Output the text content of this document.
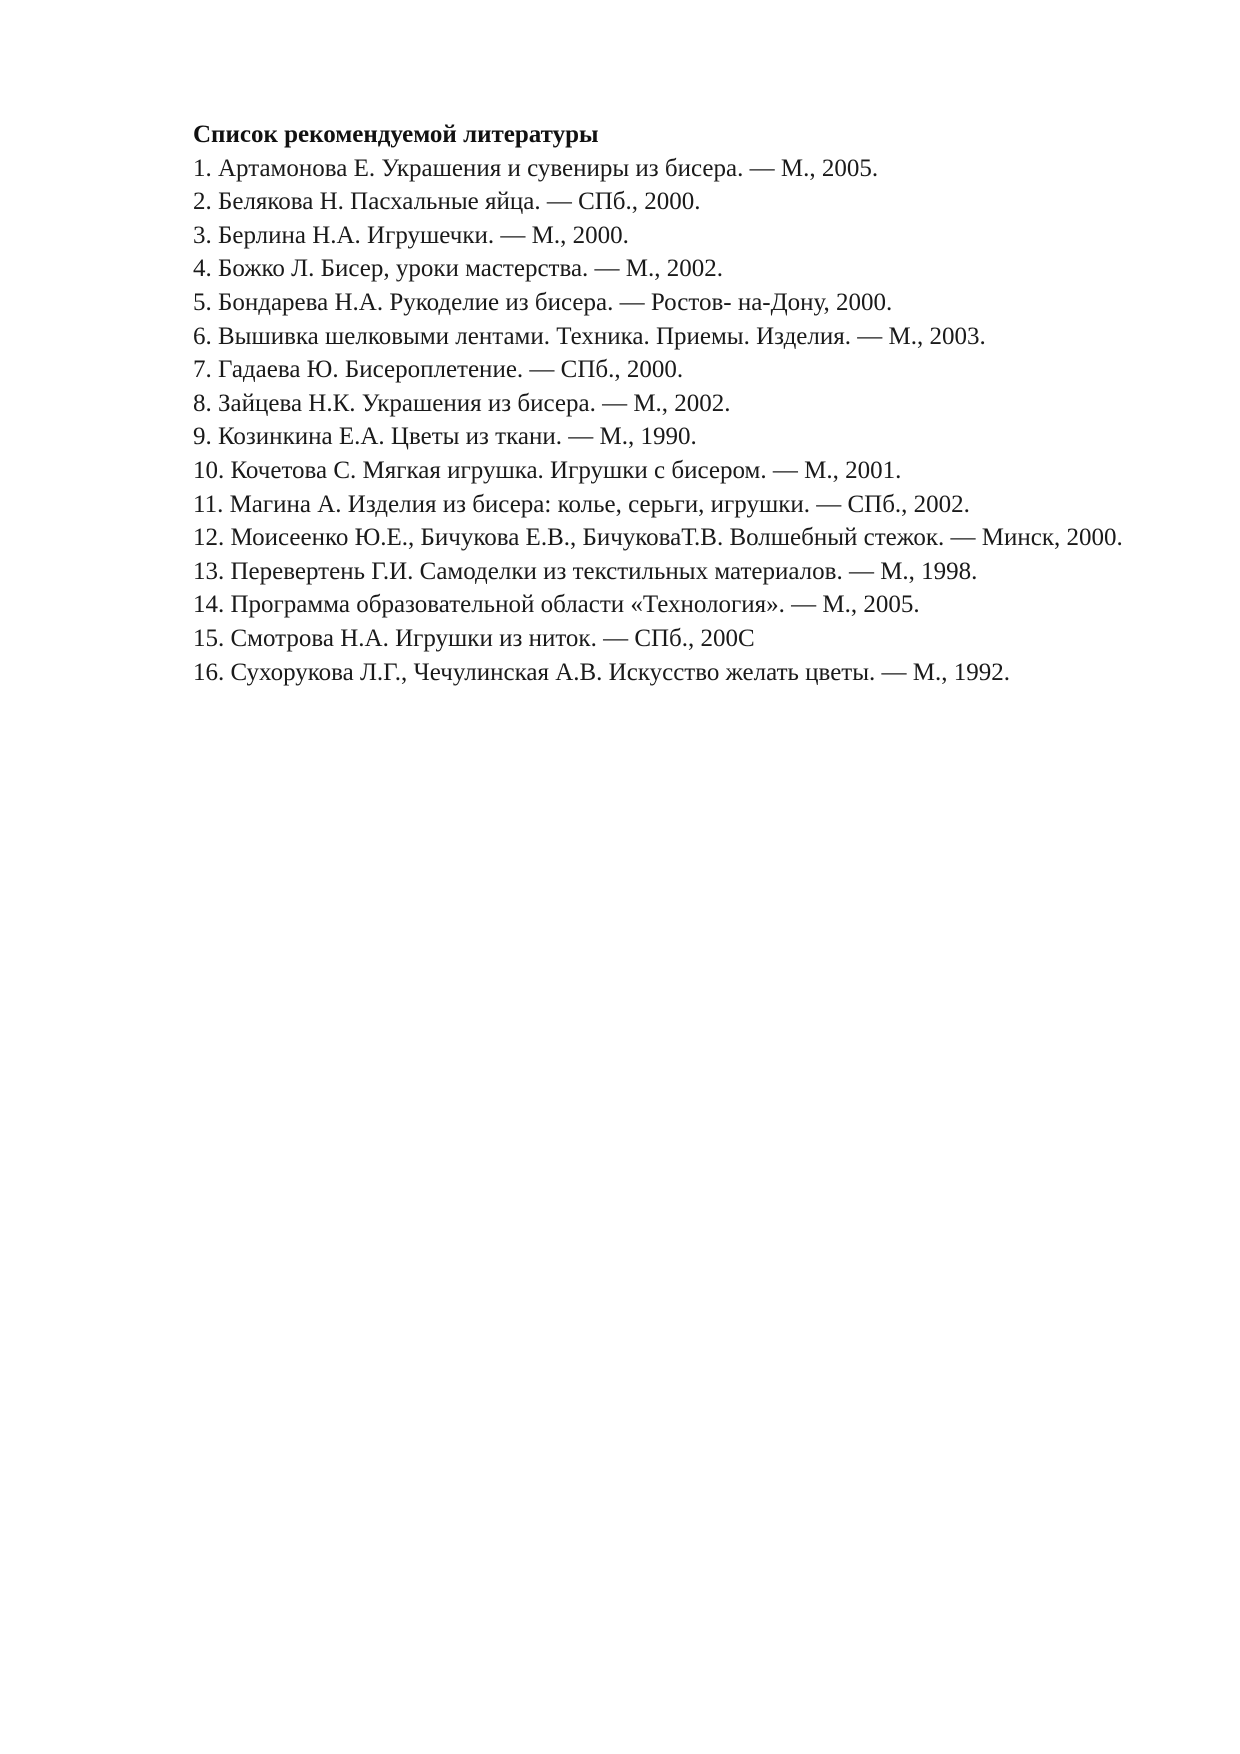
Список рекомендуемой литературы

1. Артамонова Е. Украшения и сувениры из бисера. — М., 2005.
2. Белякова Н. Пасхальные яйца. — СПб., 2000.
3. Берлина Н.А. Игрушечки. — М., 2000.
4. Божко Л. Бисер, уроки мастерства. — М., 2002.
5. Бондарева Н.А. Рукоделие из бисера. — Ростов- на-Дону, 2000.
6. Вышивка шелковыми лентами. Техника. Приемы. Изделия. — М., 2003.
7. Гадаева Ю. Бисероплетение. — СПб., 2000.
8. Зайцева Н.К. Украшения из бисера. — М., 2002.
9. Козинкина Е.А. Цветы из ткани. — М., 1990.
10. Кочетова С. Мягкая игрушка. Игрушки с бисером. — М., 2001.
11. Магина А. Изделия из бисера: колье, серьги, игрушки. — СПб., 2002.
12. Моисеенко Ю.Е., Бичукова Е.В., БичуковаТ.В. Волшебный стежок. — Минск, 2000.
13. Перевертень Г.И. Самоделки из текстильных материалов. — М., 1998.
14. Программа образовательной области «Технология». — М., 2005.
15. Смотрова Н.А. Игрушки из ниток. — СПб., 200С
16. Сухорукова Л.Г., Чечулинская А.В. Искусство желать цветы. — М., 1992.
